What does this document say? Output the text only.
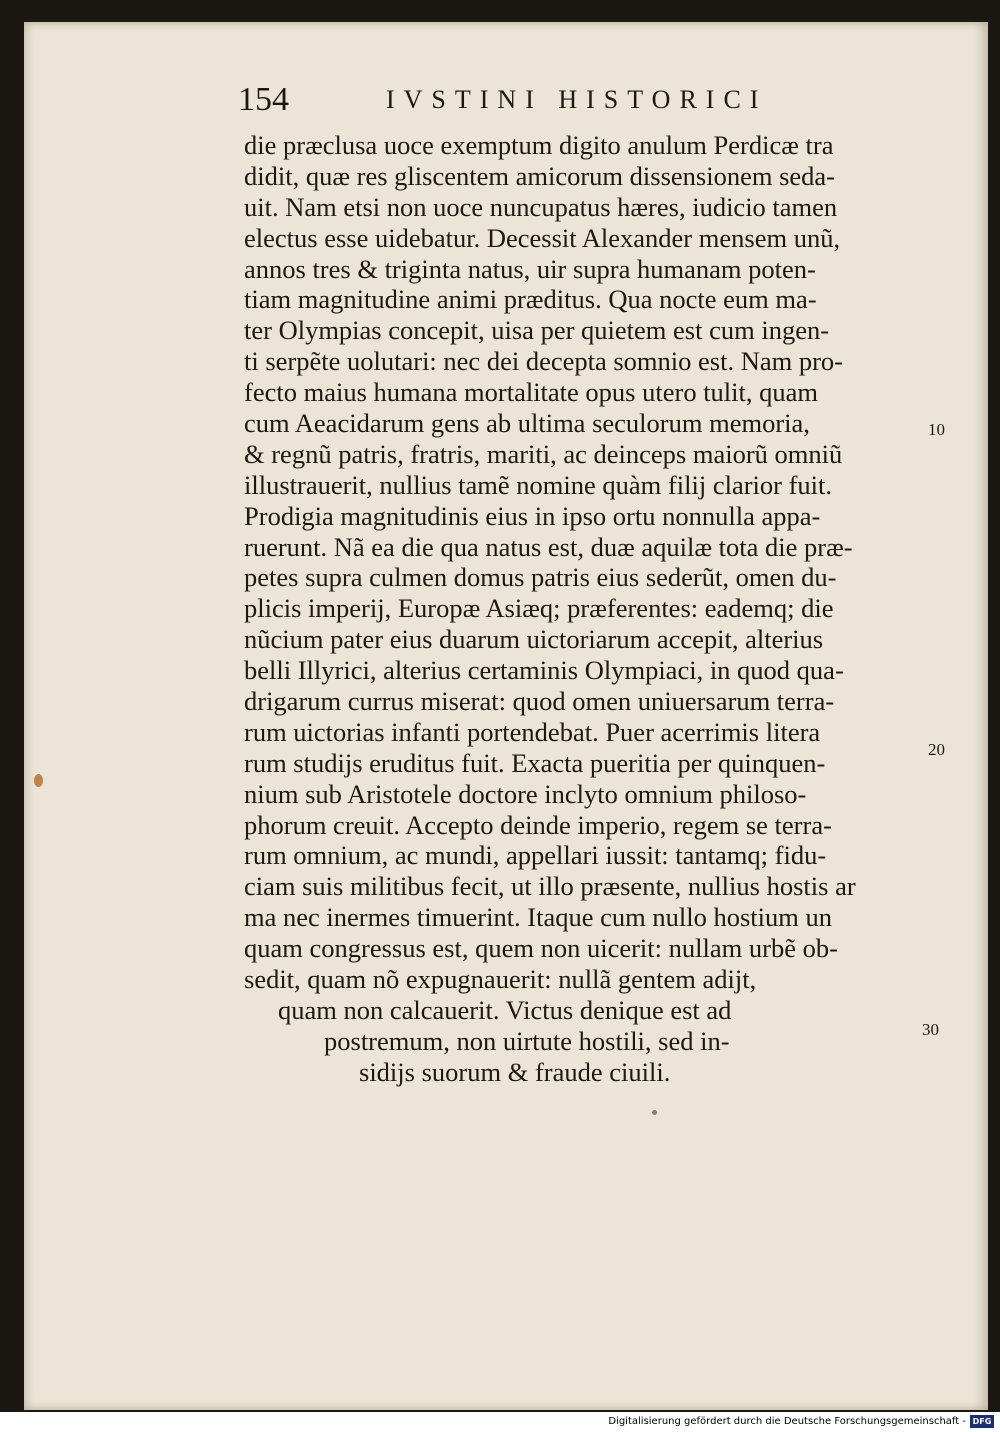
154	IVSTINI HISTORICI
die præclusa uoce exemptum digito anulum Perdicæ tra
didit, quæ res gliscentem amicorum dissensionem seda-
uit. Nam etsi non uoce nuncupatus hæres, iudicio tamen
electus esse uidebatur. Decessit Alexander mensem unũ,
annos tres & triginta natus, uir supra humanam poten-
tiam magnitudine animi præditus. Qua nocte eum ma-
ter Olympias concepit, uisa per quietem est cum ingen-
ti serpẽte uolutari: nec dei decepta somnio est. Nam pro-
fecto maius humana mortalitate opus utero tulit, quam
cum Aeacidarum gens ab ultima seculorum memoria,
& regnũ patris, fratris, mariti, ac deinceps maiorũ omniũ
illustrauerit, nullius tamẽ nomine quàm filij clarior fuit.
Prodigia magnitudinis eius in ipso ortu nonnulla appa-
ruerunt. Nã ea die qua natus est, duæ aquilæ tota die præ-
petes supra culmen domus patris eius sederũt, omen du-
plicis imperij, Europæ Asiæq; præferentes: eademq; die
nũcium pater eius duarum uictoriarum accepit, alterius
belli Illyrici, alterius certaminis Olympiaci, in quod qua-
drigarum currus miserat: quod omen uniuersarum terra-
rum uictorias infanti portendebat. Puer acerrimis litera
rum studijs eruditus fuit. Exacta pueritia per quinquen-
nium sub Aristotele doctore inclyto omnium philoso-
phorum creuit. Accepto deinde imperio, regem se terra-
rum omnium, ac mundi, appellari iussit: tantamq; fidu-
ciam suis militibus fecit, ut illo præsente, nullius hostis ar
ma nec inermes timuerint. Itaque cum nullo hostium un
quam congressus est, quem non uicerit: nullam urbẽ ob-
sedit, quam nõ expugnauerit: nullã gentem adijt,
quam non calcauerit. Victus denique est ad
postremum, non uirtute hostili, sed in-
sidijs suorum & fraude ciuili.
10
20
30
Digitalisierung gefördert durch die Deutsche Forschungsgemeinschaft - DFG
